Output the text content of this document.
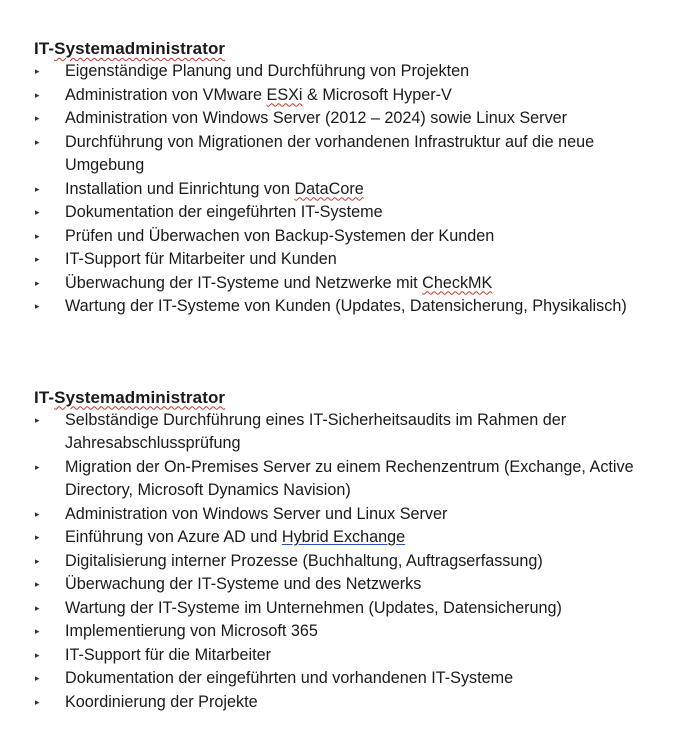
IT-Systemadministrator
▸ Eigenständige Planung und Durchführung von Projekten
▸ Administration von VMware ESXi & Microsoft Hyper-V
▸ Administration von Windows Server (2012 – 2024) sowie Linux Server
▸ Durchführung von Migrationen der vorhandenen Infrastruktur auf die neue Umgebung
▸ Installation und Einrichtung von DataCore
▸ Dokumentation der eingeführten IT-Systeme
▸ Prüfen und Überwachen von Backup-Systemen der Kunden
▸ IT-Support für Mitarbeiter und Kunden
▸ Überwachung der IT-Systeme und Netzwerke mit CheckMK
▸ Wartung der IT-Systeme von Kunden (Updates, Datensicherung, Physikalisch)
IT-Systemadministrator
▸ Selbständige Durchführung eines IT-Sicherheitsaudits im Rahmen der Jahresabschlussprüfung
▸ Migration der On-Premises Server zu einem Rechenzentrum (Exchange, Active Directory, Microsoft Dynamics Navision)
▸ Administration von Windows Server und Linux Server
▸ Einführung von Azure AD und Hybrid Exchange
▸ Digitalisierung interner Prozesse (Buchhaltung, Auftragserfassung)
▸ Überwachung der IT-Systeme und des Netzwerks
▸ Wartung der IT-Systeme im Unternehmen (Updates, Datensicherung)
▸ Implementierung von Microsoft 365
▸ IT-Support für die Mitarbeiter
▸ Dokumentation der eingeführten und vorhandenen IT-Systeme
▸ Koordinierung der Projekte
